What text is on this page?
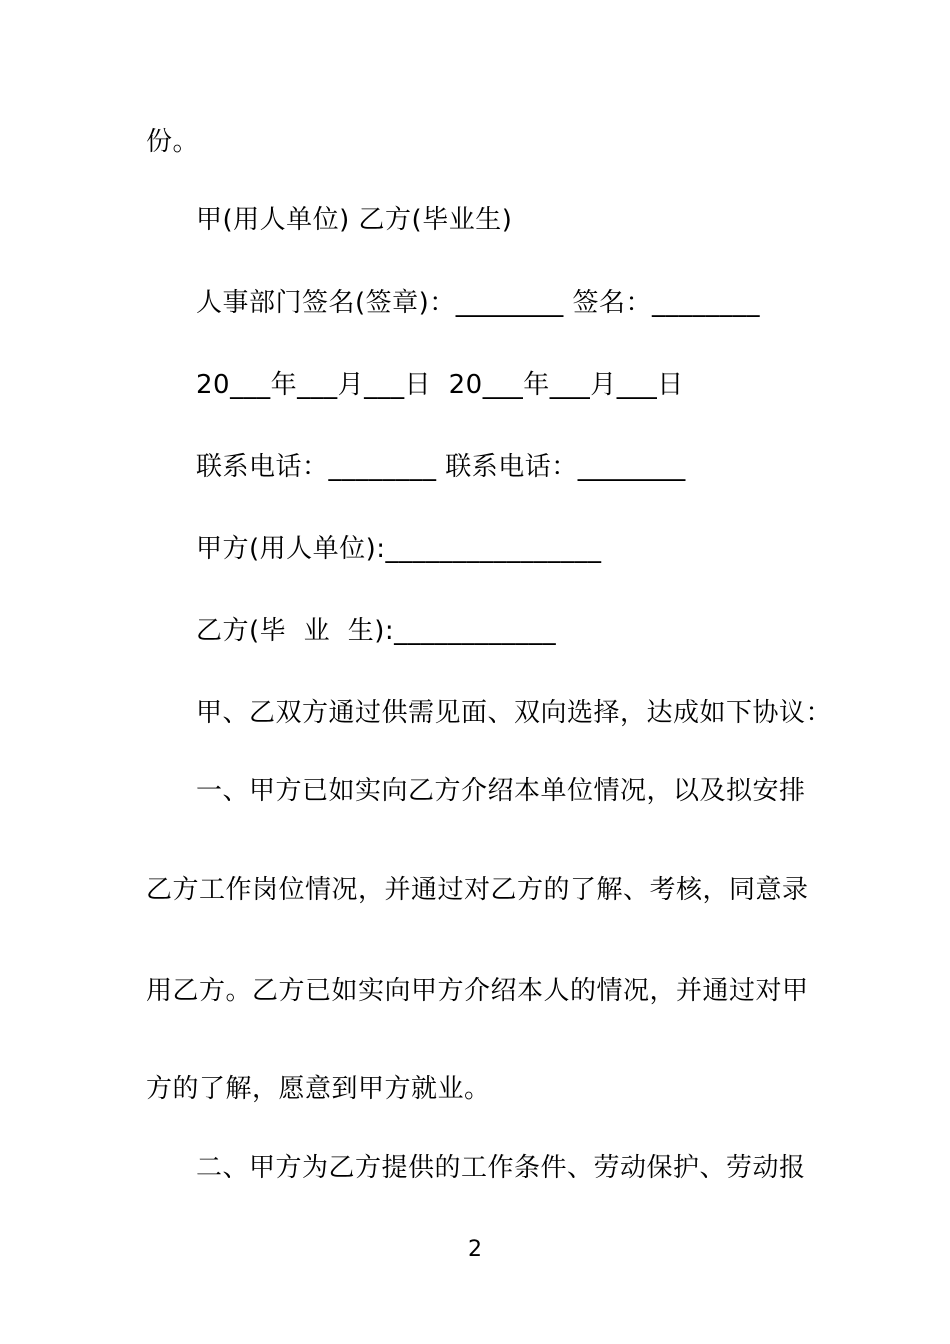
份。
甲(用人单位) 乙方(毕业生)
人事部门签名(签章)：________ 签名：________
20___年___月___日  20___年___月___日
联系电话：________ 联系电话：________
甲方(用人单位):________________
乙方(毕  业  生):____________
甲、乙双方通过供需见面、双向选择，达成如下协议：
一、甲方已如实向乙方介绍本单位情况，以及拟安排
乙方工作岗位情况，并通过对乙方的了解、考核，同意录
用乙方。乙方已如实向甲方介绍本人的情况，并通过对甲
方的了解，愿意到甲方就业。
二、甲方为乙方提供的工作条件、劳动保护、劳动报
2
